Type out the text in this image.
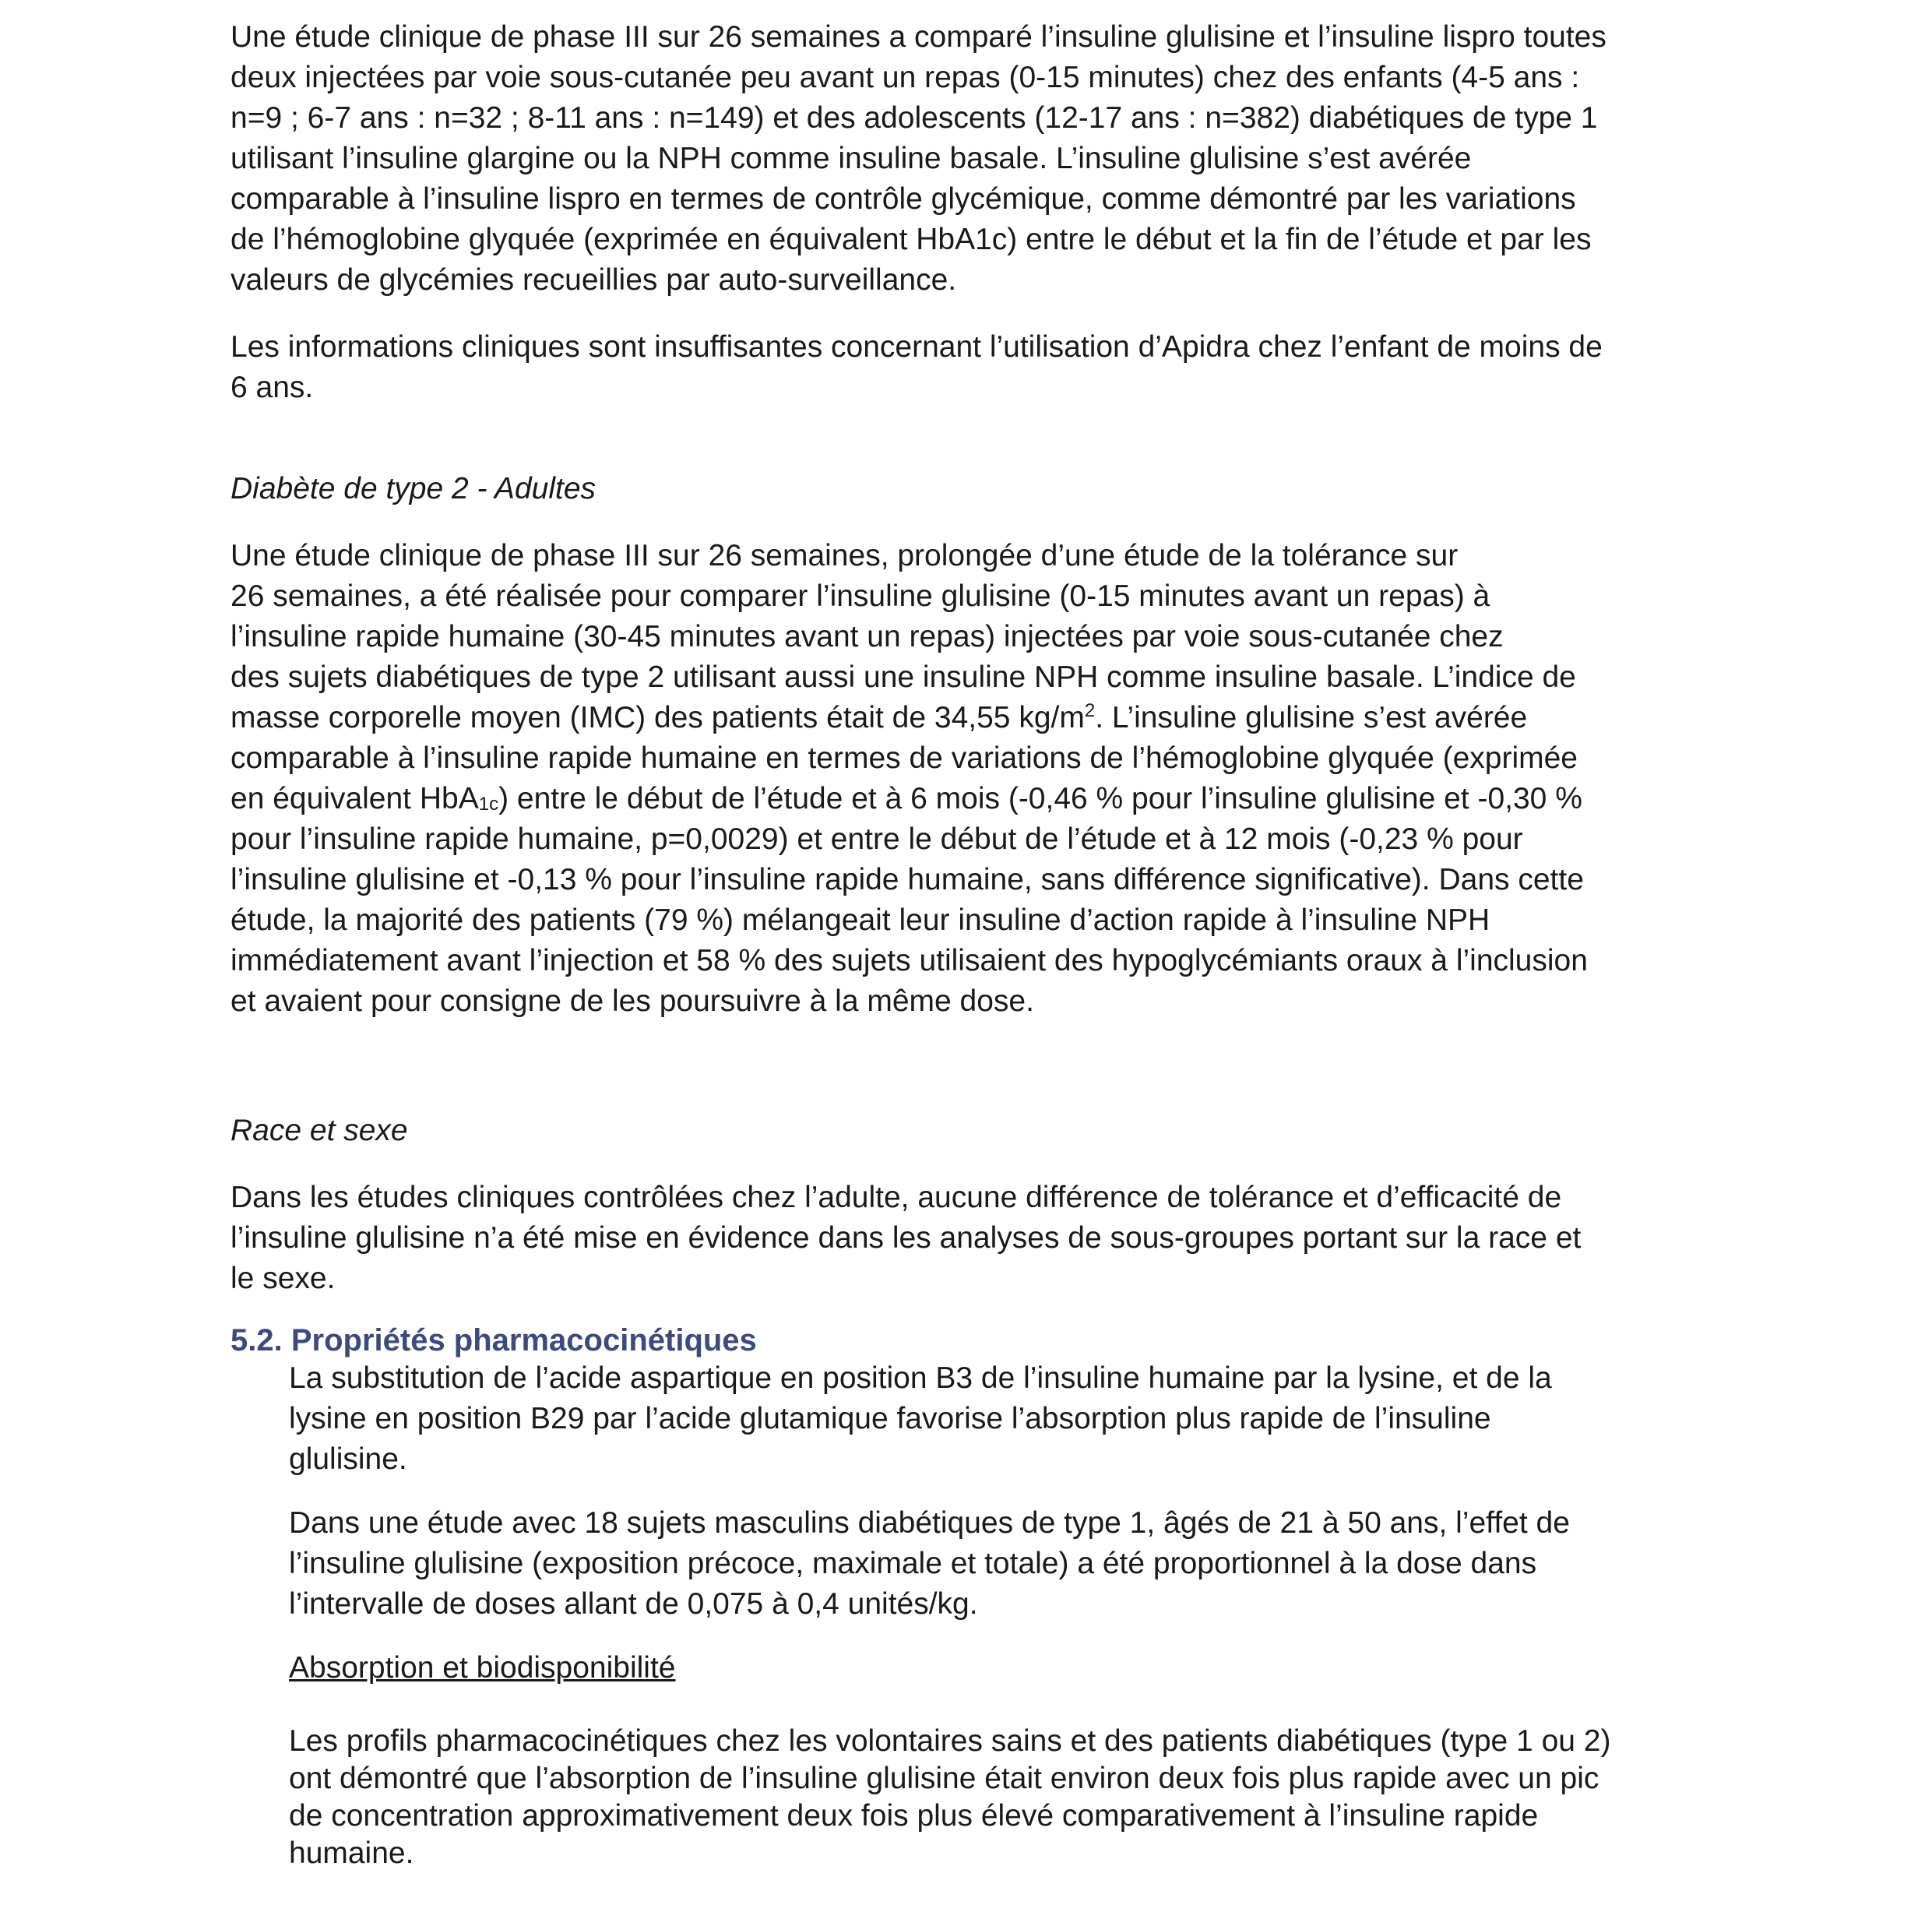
Une étude clinique de phase III sur 26 semaines a comparé l’insuline glulisine et l’insuline lispro toutes
deux injectées par voie sous-cutanée peu avant un repas (0-15 minutes) chez des enfants (4-5 ans :
n=9 ; 6-7 ans : n=32 ; 8-11 ans : n=149) et des adolescents (12-17 ans : n=382) diabétiques de type 1
utilisant l’insuline glargine ou la NPH comme insuline basale. L’insuline glulisine s’est avérée
comparable à l’insuline lispro en termes de contrôle glycémique, comme démontré par les variations
de l’hémoglobine glyquée (exprimée en équivalent HbA1c) entre le début et la fin de l’étude et par les
valeurs de glycémies recueillies par auto-surveillance.

Les informations cliniques sont insuffisantes concernant l’utilisation d’Apidra chez l’enfant de moins de
6 ans.

Diabète de type 2 - Adultes

Une étude clinique de phase III sur 26 semaines, prolongée d’une étude de la tolérance sur
26 semaines, a été réalisée pour comparer l’insuline glulisine (0-15 minutes avant un repas) à
l’insuline rapide humaine (30-45 minutes avant un repas) injectées par voie sous-cutanée chez
des sujets diabétiques de type 2 utilisant aussi une insuline NPH comme insuline basale. L’indice de
masse corporelle moyen (IMC) des patients était de 34,55 $kg/m^2$. L’insuline glulisine s’est avérée
comparable à l’insuline rapide humaine en termes de variations de l’hémoglobine glyquée (exprimée
en équivalent HbA$_{1c}$) entre le début de l’étude et à 6 mois (-0,46 % pour l’insuline glulisine et -0,30 %
pour l’insuline rapide humaine, p=0,0029) et entre le début de l’étude et à 12 mois (-0,23 % pour
l’insuline glulisine et -0,13 % pour l’insuline rapide humaine, sans différence significative). Dans cette
étude, la majorité des patients (79 %) mélangeait leur insuline d’action rapide à l’insuline NPH
immédiatement avant l’injection et 58 % des sujets utilisaient des hypoglycémiants oraux à l’inclusion
et avaient pour consigne de les poursuivre à la même dose.

Race et sexe

Dans les études cliniques contrôlées chez l’adulte, aucune différence de tolérance et d’efficacité de
l’insuline glulisine n’a été mise en évidence dans les analyses de sous-groupes portant sur la race et
le sexe.

5.2. Propriétés pharmacocinétiques

La substitution de l’acide aspartique en position B3 de l’insuline humaine par la lysine, et de la
lysine en position B29 par l’acide glutamique favorise l’absorption plus rapide de l’insuline
glulisine.

Dans une étude avec 18 sujets masculins diabétiques de type 1, âgés de 21 à 50 ans, l’effet de
l’insuline glulisine (exposition précoce, maximale et totale) a été proportionnel à la dose dans
l’intervalle de doses allant de 0,075 à 0,4 unités/kg.

Absorption et biodisponibilité

Les profils pharmacocinétiques chez les volontaires sains et des patients diabétiques (type 1 ou 2)
ont démontré que l’absorption de l’insuline glulisine était environ deux fois plus rapide avec un pic
de concentration approximativement deux fois plus élevé comparativement à l’insuline rapide
humaine.
